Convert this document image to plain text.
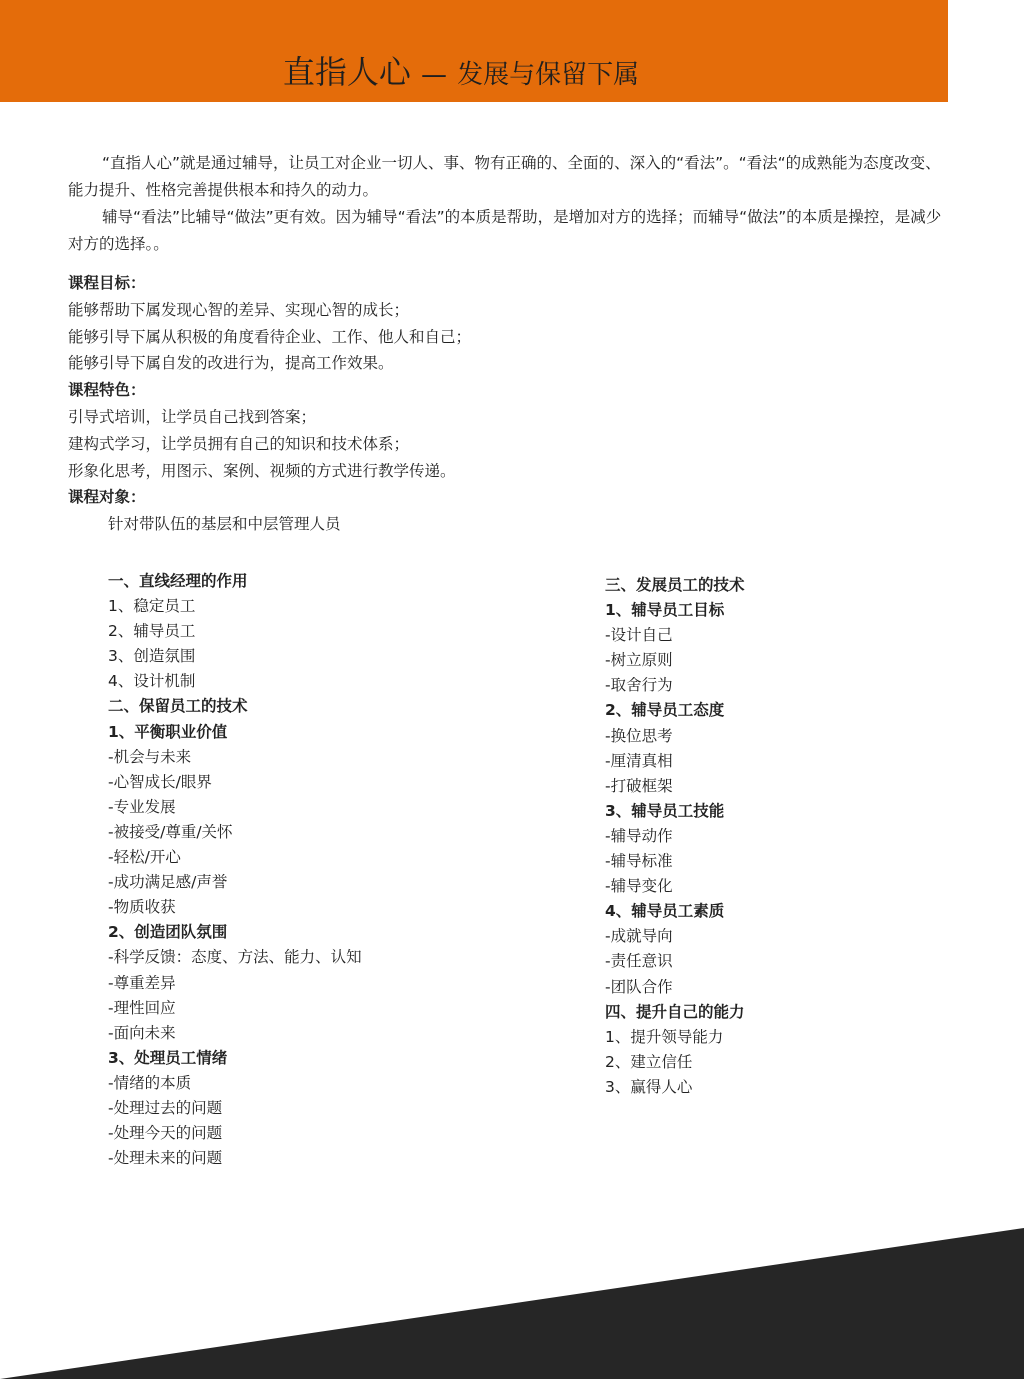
直指人心 — 发展与保留下属

“直指人心”就是通过辅导，让员工对企业一切人、事、物有正确的、全面的、深入的“看法”。“看法“的成熟能为态度改变、能力提升、性格完善提供根本和持久的动力。

辅导“看法”比辅导“做法”更有效。因为辅导“看法”的本质是帮助，是增加对方的选择；而辅导“做法”的本质是操控，是减少对方的选择。。

课程目标：
能够帮助下属发现心智的差异、实现心智的成长；
能够引导下属从积极的角度看待企业、工作、他人和自己；
能够引导下属自发的改进行为，提高工作效果。
课程特色：
引导式培训，让学员自己找到答案；
建构式学习，让学员拥有自己的知识和技术体系；
形象化思考，用图示、案例、视频的方式进行教学传递。
课程对象：
针对带队伍的基层和中层管理人员
一、直线经理的作用
1、稳定员工
2、辅导员工
3、创造氛围
4、设计机制
二、保留员工的技术
1、平衡职业价值
-机会与未来
-心智成长/眼界
-专业发展
-被接受/尊重/关怀
-轻松/开心
-成功满足感/声誉
-物质收获
2、创造团队氛围
-科学反馈：态度、方法、能力、认知
-尊重差异
-理性回应
-面向未来
3、处理员工情绪
-情绪的本质
-处理过去的问题
-处理今天的问题
-处理未来的问题
三、发展员工的技术
1、辅导员工目标
-设计自己
-树立原则
-取舍行为
2、辅导员工态度
-换位思考
-厘清真相
-打破框架
3、辅导员工技能
-辅导动作
-辅导标准
-辅导变化
4、辅导员工素质
-成就导向
-责任意识
-团队合作
四、提升自己的能力
1、提升领导能力
2、建立信任
3、赢得人心
